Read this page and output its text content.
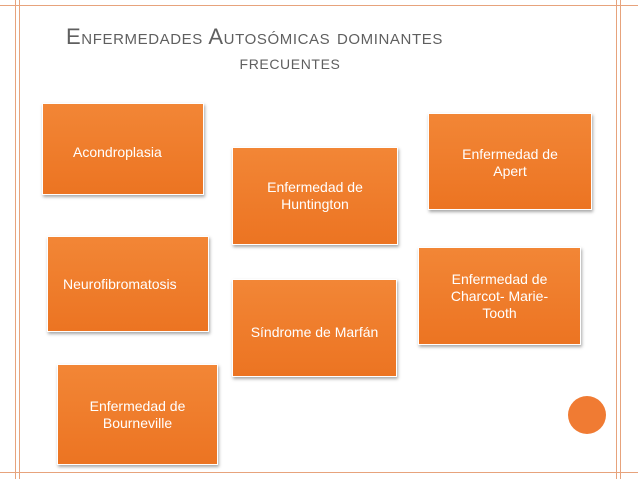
Enfermedades Autosómicas dominantes
frecuentes
Acondroplasia
Enfermedad de
Huntington
Enfermedad de
Apert
Neurofibromatosis
Síndrome de Marfán
Enfermedad de
Charcot- Marie-
Tooth
Enfermedad de
Bourneville
